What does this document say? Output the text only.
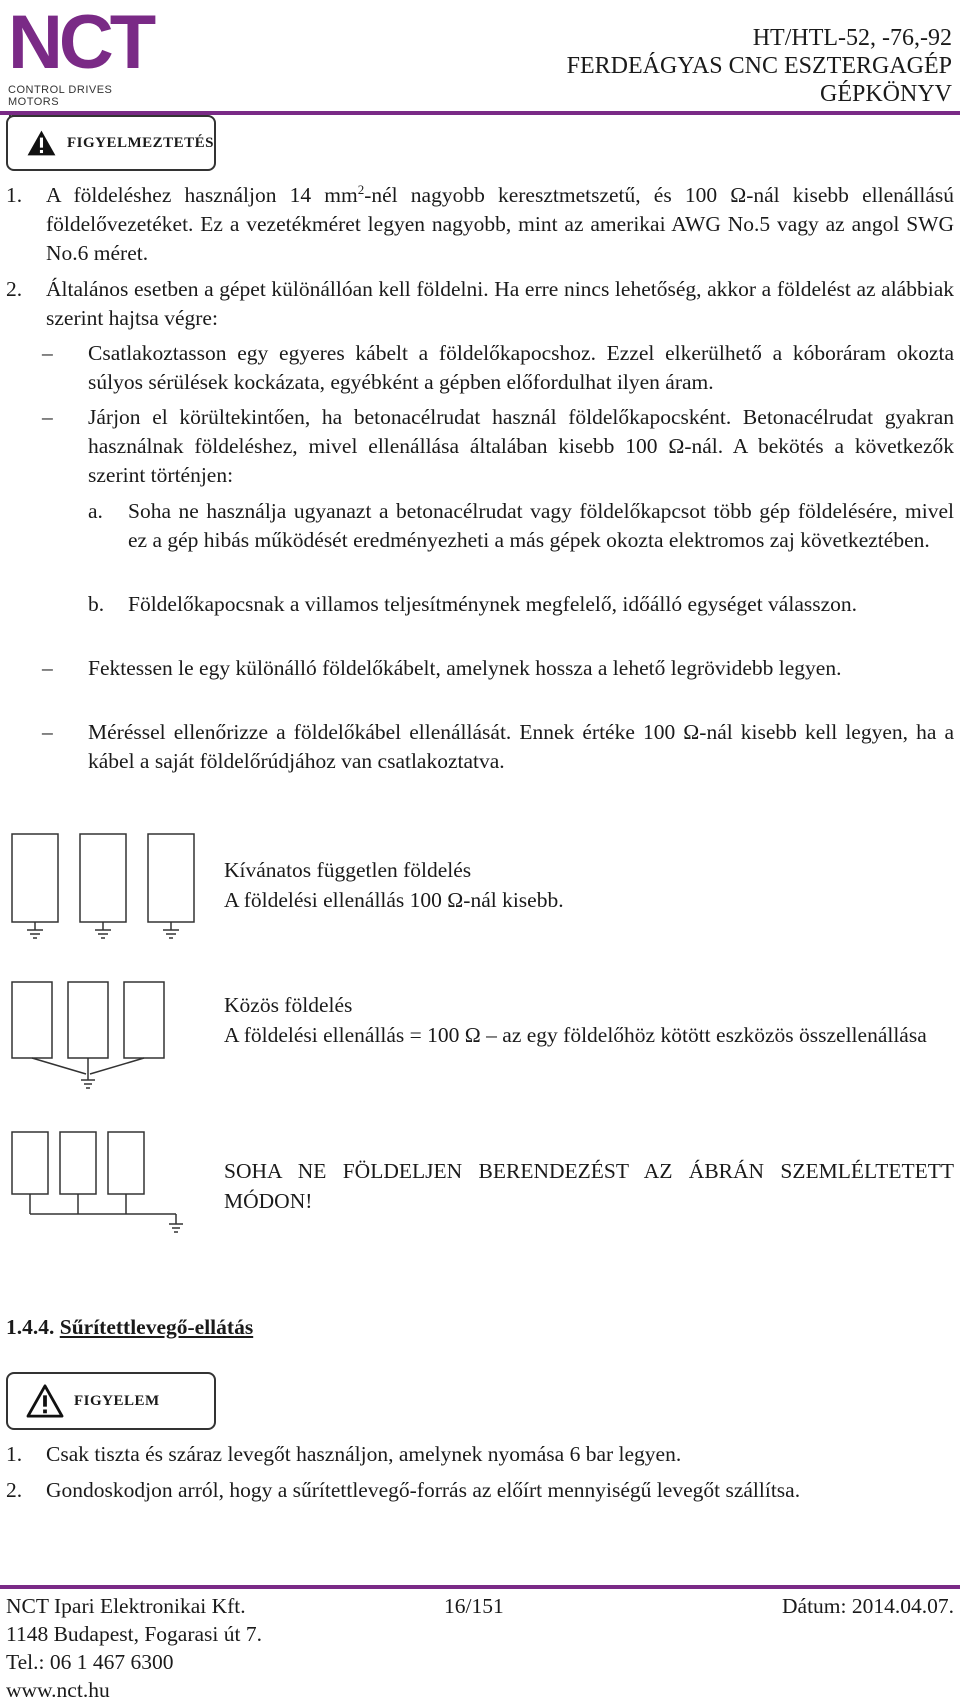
NCT
CONTROL DRIVES MOTORS
HT/HTL-52, -76,-92
FERDEÁGYAS CNC ESZTERGAGÉP
GÉPKÖNYV
FIGYELMEZTETÉS
1. A földeléshez használjon 14 $mm^2$-nél nagyobb keresztmetszetű, és 100 Ω-nál kisebb ellenállású földelővezetéket. Ez a vezetékméret legyen nagyobb, mint az amerikai AWG No.5 vagy az angol SWG No.6 méret.
2. Általános esetben a gépet különállóan kell földelni. Ha erre nincs lehetőség, akkor a földelést az alábbiak szerint hajtsa végre:
– Csatlakoztasson egy egyeres kábelt a földelőkapocshoz. Ezzel elkerülhető a kóboráram okozta súlyos sérülések kockázata, egyébként a gépben előfordulhat ilyen áram.
– Járjon el körültekintően, ha betonacélrudat használ földelőkapocsként. Betonacélrudat gyakran használnak földeléshez, mivel ellenállása általában kisebb 100 Ω-nál. A bekötés a következők szerint történjen:
a. Soha ne használja ugyanazt a betonacélrudat vagy földelőkapcsot több gép földelésére, mivel ez a gép hibás működését eredményezheti a más gépek okozta elektromos zaj következtében.
b. Földelőkapocsnak a villamos teljesítménynek megfelelő, időálló egységet válasszon.
– Fektessen le egy különálló földelőkábelt, amelynek hossza a lehető legrövidebb legyen.
– Méréssel ellenőrizze a földelőkábel ellenállását. Ennek értéke 100 Ω-nál kisebb kell legyen, ha a kábel a saját földelőrúdjához van csatlakoztatva.
Kívánatos független földelés
A földelési ellenállás 100 Ω-nál kisebb.
Közös földelés
A földelési ellenállás = 100 Ω – az egy földelőhöz kötött eszközös összellenállása
SOHA NE FÖLDELJEN BERENDEZÉST AZ ÁBRÁN SZEMLÉLTETETT MÓDON!
1.4.4. Sűrítettlevegő-ellátás
FIGYELEM
1. Csak tiszta és száraz levegőt használjon, amelynek nyomása 6 bar legyen.
2. Gondoskodjon arról, hogy a sűrítettlevegő-forrás az előírt mennyiségű levegőt szállítsa.
NCT Ipari Elektronikai Kft.
1148 Budapest, Fogarasi út 7.
Tel.: 06 1 467 6300
www.nct.hu
16/151	Dátum: 2014.04.07.
